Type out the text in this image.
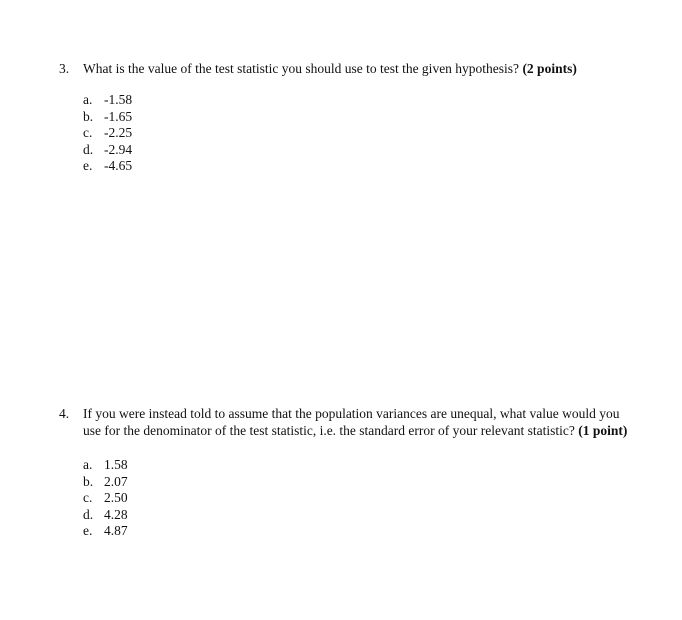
3. What is the value of the test statistic you should use to test the given hypothesis? (2 points)
a. -1.58
b. -1.65
c. -2.25
d. -2.94
e. -4.65
4. If you were instead told to assume that the population variances are unequal, what value would you use for the denominator of the test statistic, i.e. the standard error of your relevant statistic? (1 point)
a. 1.58
b. 2.07
c. 2.50
d. 4.28
e. 4.87
